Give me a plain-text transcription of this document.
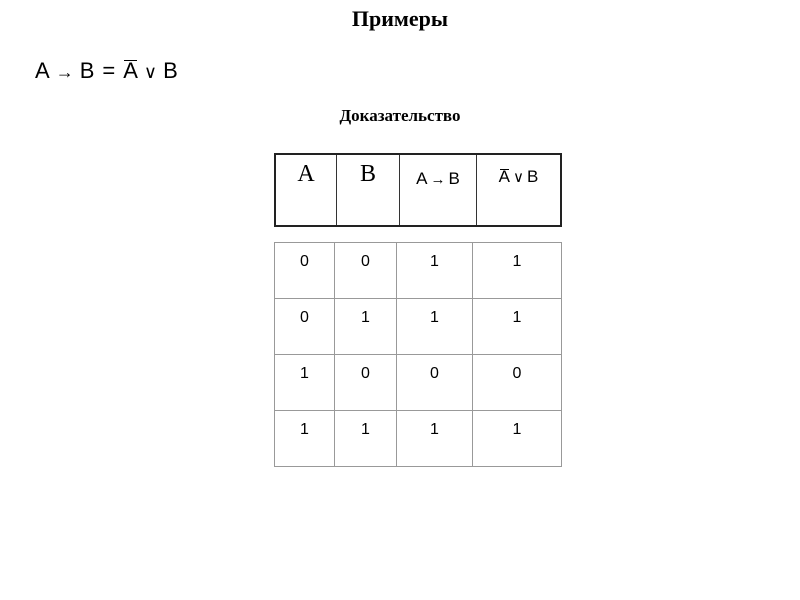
Примеры
A → B = A ∨ B
Доказательство
A	B	A → B	A ∨ B
0	0	1	1
0	1	1	1
1	0	0	0
1	1	1	1
